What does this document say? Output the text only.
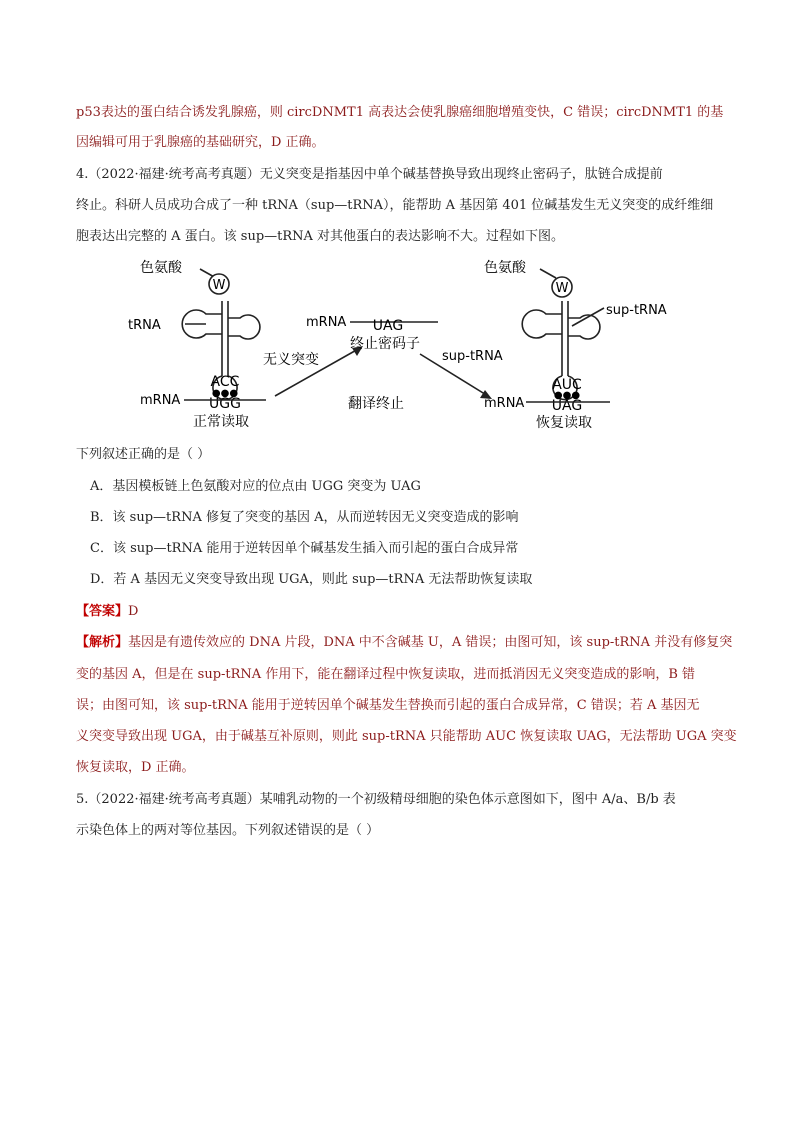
p53表达的蛋白结合诱发乳腺癌，则 circDNMT1 高表达会使乳腺癌细胞增殖变快，C 错误；circDNMT1 的基
因编辑可用于乳腺癌的基础研究，D 正确。
4.（2022·福建·统考高考真题）无义突变是指基因中单个碱基替换导致出现终止密码子，肽链合成提前
终止。科研人员成功合成了一种 tRNA（sup—tRNA），能帮助 A 基因第 401 位碱基发生无义突变的成纤维细
胞表达出完整的 A 蛋白。该 sup—tRNA 对其他蛋白的表达影响不大。过程如下图。
W
色氨酸
tRNA
ACC
●●●
UGG
mRNA
正常读取
无义突变
mRNA UAG
终止密码子
翻译终止
sup-tRNA
W
色氨酸
sup-tRNA
AUC
●●●
UAG
mRNA
恢复读取
下列叙述正确的是（ ）
A．基因模板链上色氨酸对应的位点由 UGG 突变为 UAG
B．该 sup—tRNA 修复了突变的基因 A，从而逆转因无义突变造成的影响
C．该 sup—tRNA 能用于逆转因单个碱基发生插入而引起的蛋白合成异常
D．若 A 基因无义突变导致出现 UGA，则此 sup—tRNA 无法帮助恢复读取
【答案】D
【解析】基因是有遗传效应的 DNA 片段，DNA 中不含碱基 U，A 错误；由图可知，该 sup-tRNA 并没有修复突
变的基因 A，但是在 sup-tRNA 作用下，能在翻译过程中恢复读取，进而抵消因无义突变造成的影响，B 错
误；由图可知，该 sup-tRNA 能用于逆转因单个碱基发生替换而引起的蛋白合成异常，C 错误；若 A 基因无
义突变导致出现 UGA，由于碱基互补原则，则此 sup-tRNA 只能帮助 AUC 恢复读取 UAG，无法帮助 UGA 突变
恢复读取，D 正确。
5.（2022·福建·统考高考真题）某哺乳动物的一个初级精母细胞的染色体示意图如下，图中 A/a、B/b 表
示染色体上的两对等位基因。下列叙述错误的是（ ）
